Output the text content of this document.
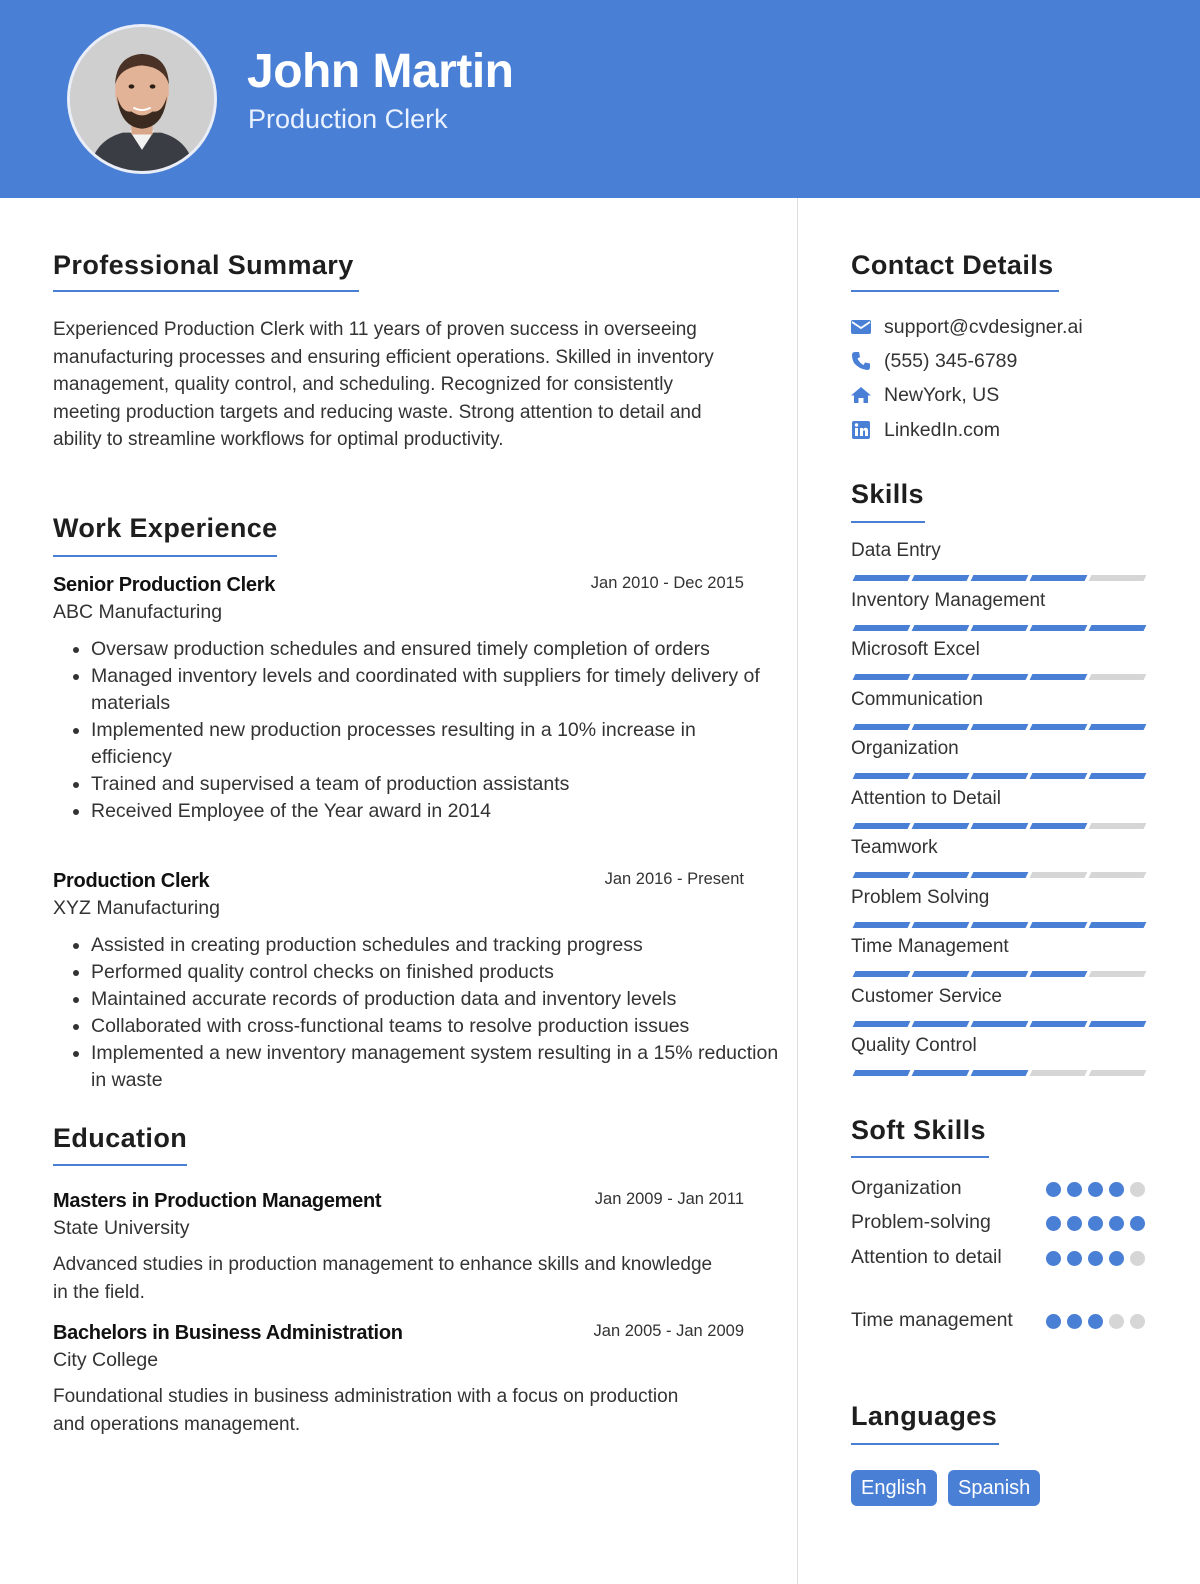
John Martin
Production Clerk
Professional Summary

Experienced Production Clerk with 11 years of proven success in overseeing manufacturing processes and ensuring efficient operations. Skilled in inventory management, quality control, and scheduling. Recognized for consistently meeting production targets and reducing waste. Strong attention to detail and ability to streamline workflows for optimal productivity.

Work Experience
Senior Production Clerk	Jan 2010 - Dec 2015
ABC Manufacturing
• Oversaw production schedules and ensured timely completion of orders
• Managed inventory levels and coordinated with suppliers for timely delivery of materials
• Implemented new production processes resulting in a 10% increase in efficiency
• Trained and supervised a team of production assistants
• Received Employee of the Year award in 2014
Production Clerk	Jan 2016 - Present
XYZ Manufacturing
• Assisted in creating production schedules and tracking progress
• Performed quality control checks on finished products
• Maintained accurate records of production data and inventory levels
• Collaborated with cross-functional teams to resolve production issues
• Implemented a new inventory management system resulting in a 15% reduction in waste
Education
Masters in Production Management	Jan 2009 - Jan 2011
State University

Advanced studies in production management to enhance skills and knowledge in the field.

Bachelors in Business Administration	Jan 2005 - Jan 2009
City College

Foundational studies in business administration with a focus on production and operations management.

Contact Details
support@cvdesigner.ai
(555) 345-6789
NewYork, US
LinkedIn.com
Skills
Data Entry
Inventory Management
Microsoft Excel
Communication
Organization
Attention to Detail
Teamwork
Problem Solving
Time Management
Customer Service
Quality Control
Soft Skills
Organization
Problem-solving
Attention to detail
Time management
Languages
English	Spanish
